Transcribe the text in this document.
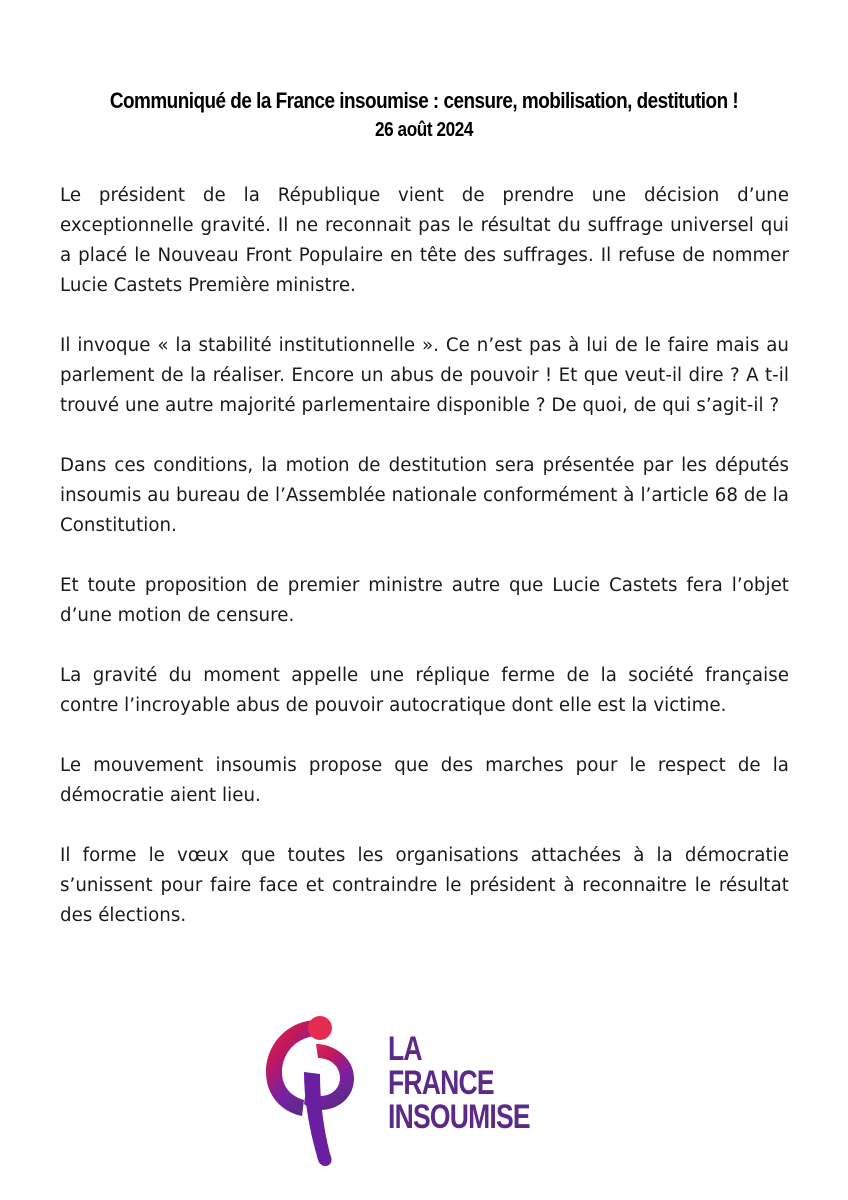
Communiqué de la France insoumise : censure, mobilisation, destitution !

26 août 2024

Le président de la République vient de prendre une décision d’une exceptionnelle gravité. Il ne reconnait pas le résultat du suffrage universel qui a placé le Nouveau Front Populaire en tête des suffrages. Il refuse de nommer Lucie Castets Première ministre.

Il invoque « la stabilité institutionnelle ». Ce n’est pas à lui de le faire mais au parlement de la réaliser. Encore un abus de pouvoir ! Et que veut-il dire ? A t-il trouvé une autre majorité parlementaire disponible ? De quoi, de qui s’agit-il ?

Dans ces conditions, la motion de destitution sera présentée par les députés insoumis au bureau de l’Assemblée nationale conformément à l’article 68 de la Constitution.

Et toute proposition de premier ministre autre que Lucie Castets fera l’objet d’une motion de censure.

La gravité du moment appelle une réplique ferme de la société française contre l’incroyable abus de pouvoir autocratique dont elle est la victime.

Le mouvement insoumis propose que des marches pour le respect de la démocratie aient lieu.

Il forme le vœux que toutes les organisations attachées à la démocratie s’unissent pour faire face et contraindre le président à reconnaitre le résultat des élections.

LA
FRANCE
INSOUMISE
